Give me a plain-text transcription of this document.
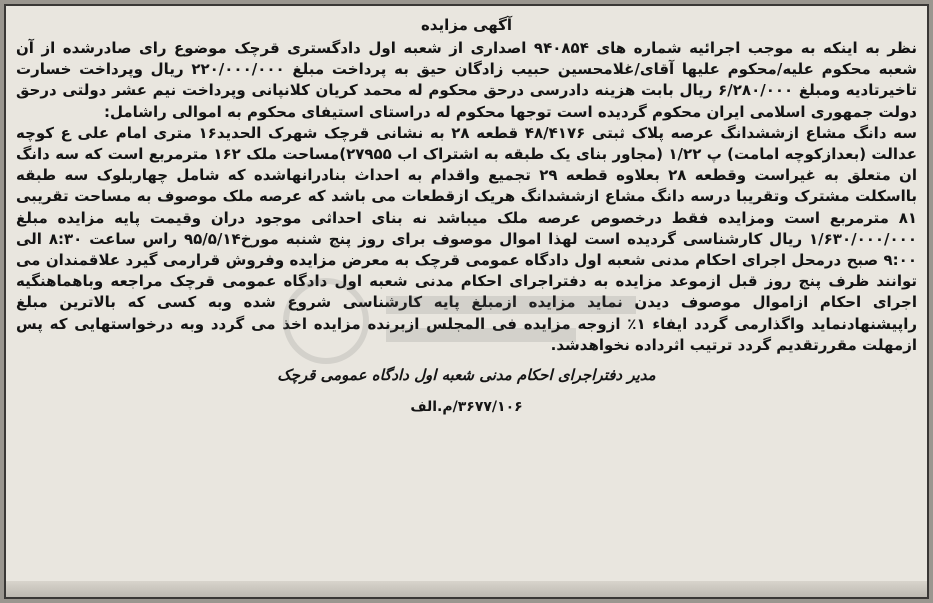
آگهی مزایده

نظر به اینکه به موجب اجرائیه شماره های ۹۴۰۸۵۴ اصداری از شعبه اول دادگستری قرچک موضوع رای صادرشده از آن شعبه محکوم علیه/محکوم علیها آقای/غلامحسین حبیب زادگان حیق به پرداخت مبلغ ۲۲۰/۰۰۰/۰۰۰ ریال وپرداخت خسارت تاخیرتادیه ومبلغ ۶/۲۸۰/۰۰۰ ریال بابت هزینه دادرسی درحق محکوم له محمد کریان کلانپانی وپرداخت نیم عشر دولتی درحق دولت جمهوری اسلامی ایران محکوم گردیده است توجها محکوم له دراستای استیفای محکوم به اموالی راشامل:

سه دانگ مشاع ازششدانگ عرصه پلاک ثبتی ۴۸/۴۱۷۶ قطعه ۲۸ به نشانی قرچک شهرک الحدید۱۶ متری امام علی ع کوچه عدالت (بعدازکوچه امامت) پ ۱/۲۲ (مجاور بنای یک طبقه به اشتراک اب ۲۷۹۵۵)مساحت ملک ۱۶۲ مترمربع است که سه دانگ ان متعلق به غیراست وقطعه ۲۸ بعلاوه قطعه ۲۹ تجمیع واقدام به احداث بنادرانهاشده که شامل چهاربلوک سه طبقه بااسکلت مشترک وتقریبا درسه دانگ مشاع ازششدانگ هریک ازقطعات می باشد که عرصه ملک موصوف به مساحت تقریبی ۸۱ مترمربع است ومزایده فقط درخصوص عرصه ملک میباشد نه بنای احداثی موجود دران وقیمت پایه مزایده مبلغ ۱/۶۳۰/۰۰۰/۰۰۰ ریال کارشناسی گردیده است لهذا اموال موصوف برای روز پنج شنبه مورخ۹۵/۵/۱۴ راس ساعت ۸:۳۰ الی ۹:۰۰ صبح درمحل اجرای احکام مدنی شعبه اول دادگاه عمومی قرچک به معرض مزایده وفروش قرارمی گیرد علاقمندان می توانند ظرف پنج روز قبل ازموعد مزایده به دفتراجرای احکام مدنی شعبه اول دادگاه عمومی قرچک مراجعه وباهماهنگیه اجرای احکام ازاموال موصوف دیدن نماید مزایده ازمبلغ پایه کارشناسی شروع شده وبه کسی که بالاترین مبلغ راپیشنهادنماید واگذارمی گردد ایفاء ۱٪ ازوجه مزایده فی المجلس ازبرنده مزایده اخذ می گردد وبه درخواستهایی که پس ازمهلت مقررتقدیم گردد ترتیب اثرداده نخواهدشد.

مدیر دفتراجرای احکام مدنی شعبه اول دادگاه عمومی قرچک
۳۶۷۷/۱۰۶/م.الف
